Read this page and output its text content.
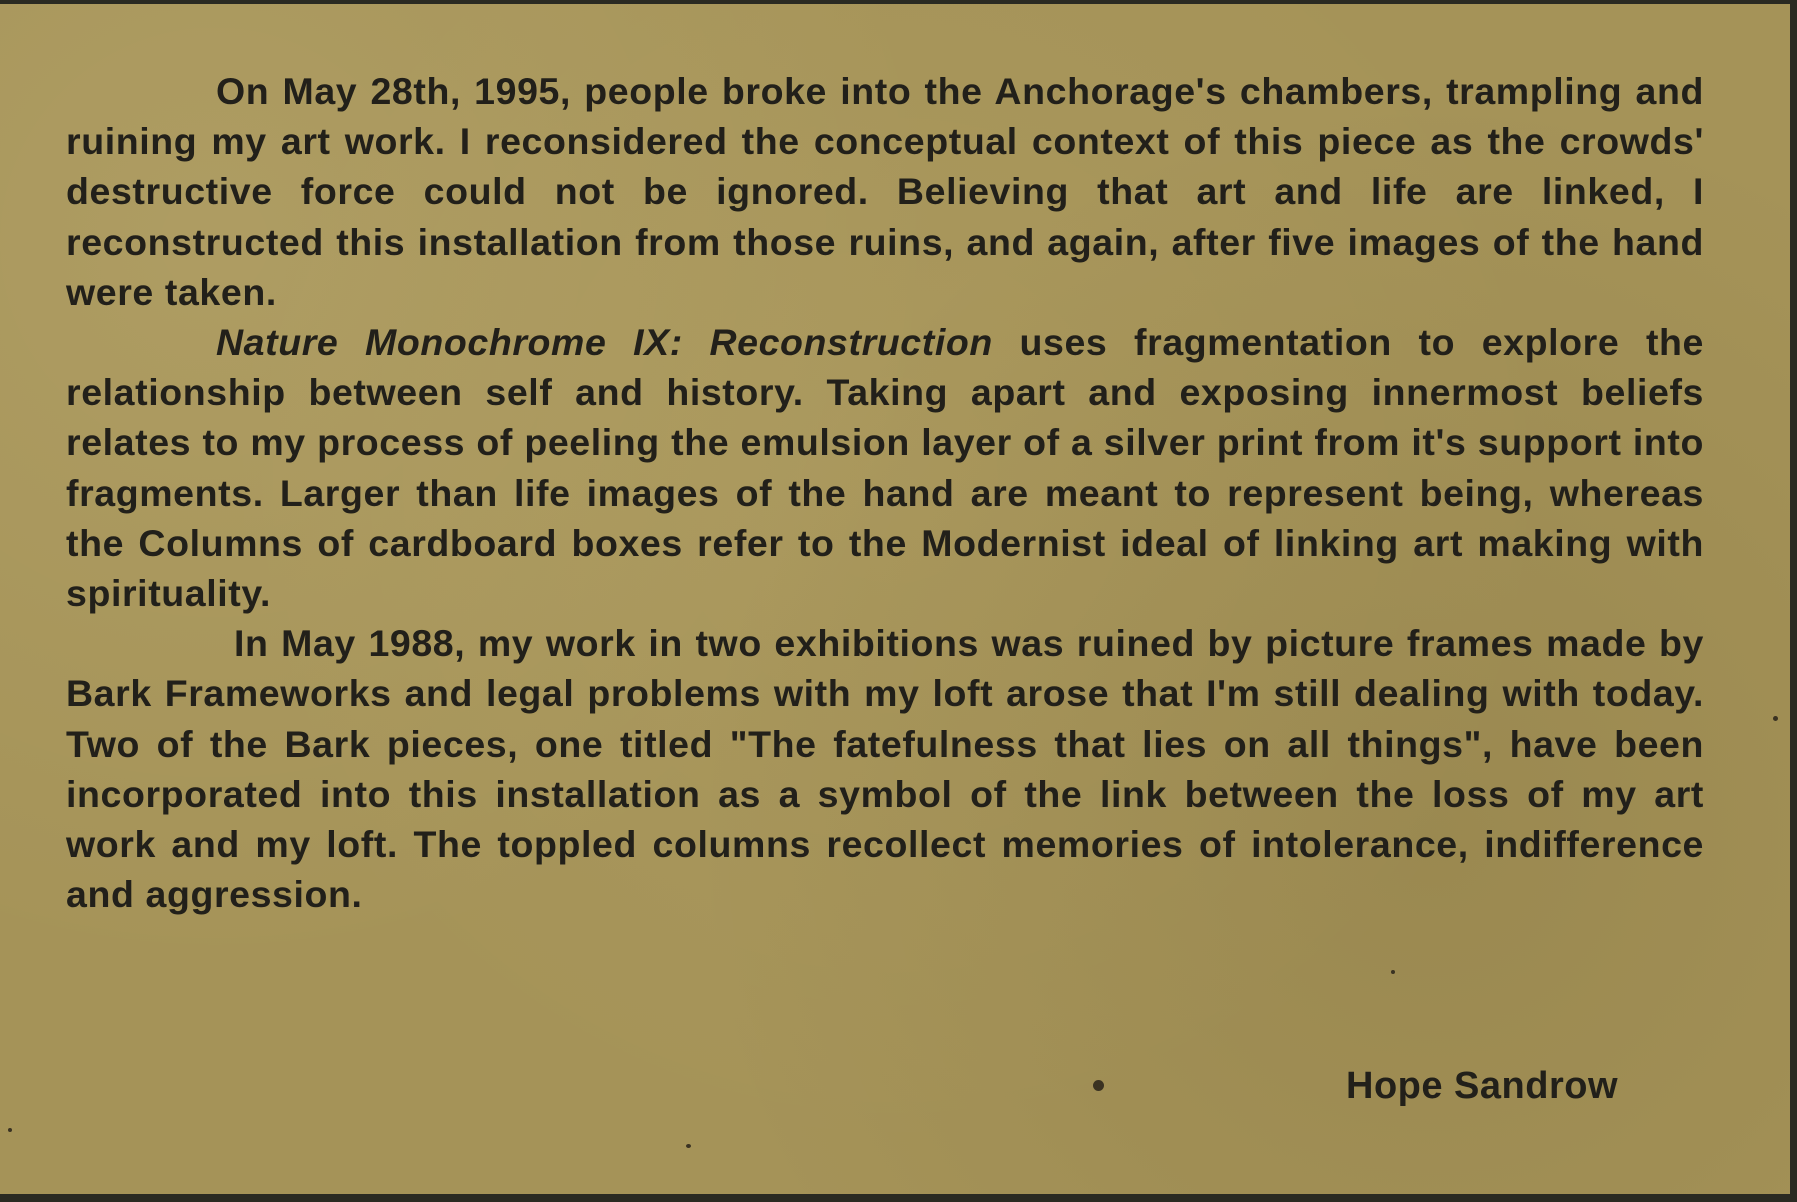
On May 28th, 1995, people broke into the Anchorage's chambers, trampling and ruining my art work. I reconsidered the conceptual context of this piece as the crowds' destructive force could not be ignored. Believing that art and life are linked, I reconstructed this installation from those ruins, and again, after five images of the hand were taken.

Nature Monochrome IX: Reconstruction uses fragmentation to explore the relationship between self and history. Taking apart and exposing innermost beliefs relates to my process of peeling the emulsion layer of a silver print from it's support into fragments. Larger than life images of the hand are meant to represent being, whereas the Columns of cardboard boxes refer to the Modernist ideal of linking art making with spirituality.

In May 1988, my work in two exhibitions was ruined by picture frames made by Bark Frameworks and legal problems with my loft arose that I'm still dealing with today. Two of the Bark pieces, one titled "The fatefulness that lies on all things", have been incorporated into this installation as a symbol of the link between the loss of my art work and my loft. The toppled columns recollect memories of intolerance, indifference and aggression.

Hope Sandrow
